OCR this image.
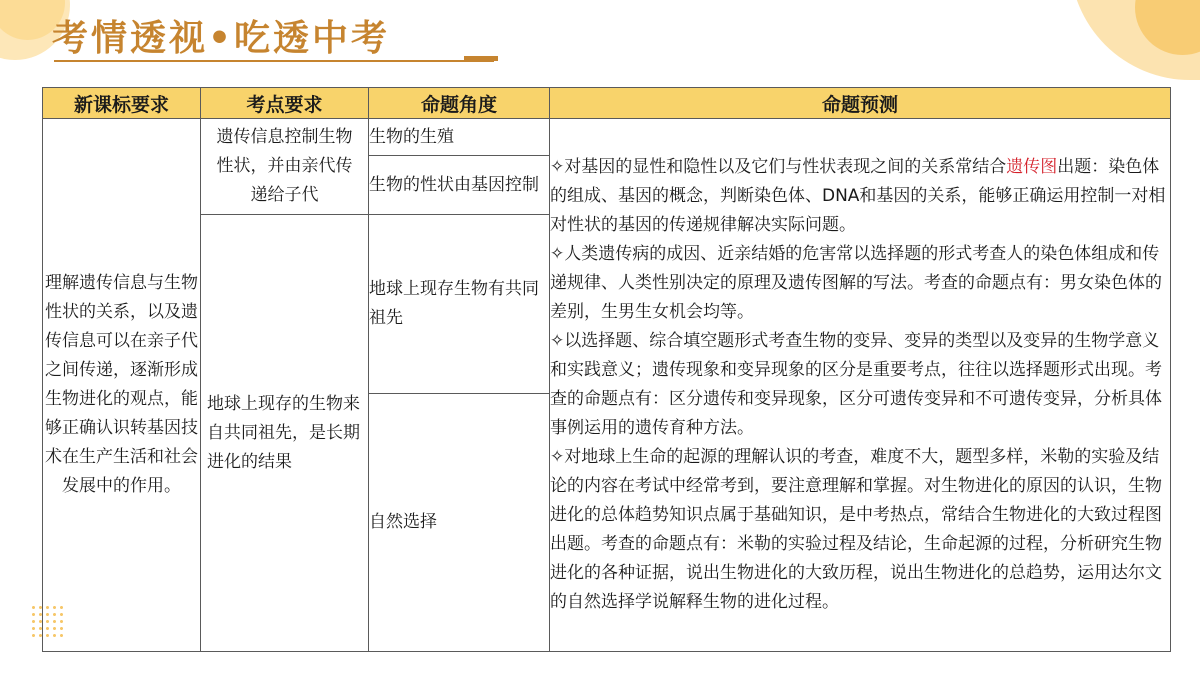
考情透视•吃透中考
新课标要求	考点要求	命题角度	命题预测
理解遗传信息与生物性状的关系，以及遗传信息可以在亲子代之间传递，逐渐形成生物进化的观点，能够正确认识转基因技术在生产生活和社会发展中的作用。	遗传信息控制生物性状，并由亲代传递给子代	生物的生殖	✧对基因的显性和隐性以及它们与性状表现之间的关系常结合遗传图出题：染色体的组成、基因的概念，判断染色体、DNA和基因的关系，能够正确运用控制一对相对性状的基因的传递规律解决实际问题。
✧人类遗传病的成因、近亲结婚的危害常以选择题的形式考查人的染色体组成和传递规律、人类性别决定的原理及遗传图解的写法。考查的命题点有：男女染色体的差别，生男生女机会均等。
✧以选择题、综合填空题形式考查生物的变异、变异的类型以及变异的生物学意义和实践意义；遗传现象和变异现象的区分是重要考点，往往以选择题形式出现。考查的命题点有：区分遗传和变异现象，区分可遗传变异和不可遗传变异，分析具体事例运用的遗传育种方法。
✧对地球上生命的起源的理解认识的考查，难度不大，题型多样，米勒的实验及结论的内容在考试中经常考到，要注意理解和掌握。对生物进化的原因的认识，生物进化的总体趋势知识点属于基础知识，是中考热点，常结合生物进化的大致过程图出题。考查的命题点有：米勒的实验过程及结论，生命起源的过程，分析研究生物进化的各种证据，说出生物进化的大致历程，说出生物进化的总趋势，运用达尔文的自然选择学说解释生物的进化过程。

		生物的性状由基因控制	
	地球上现存的生物来自共同祖先，是长期进化的结果	地球上现存生物有共同祖先	
		自然选择	
